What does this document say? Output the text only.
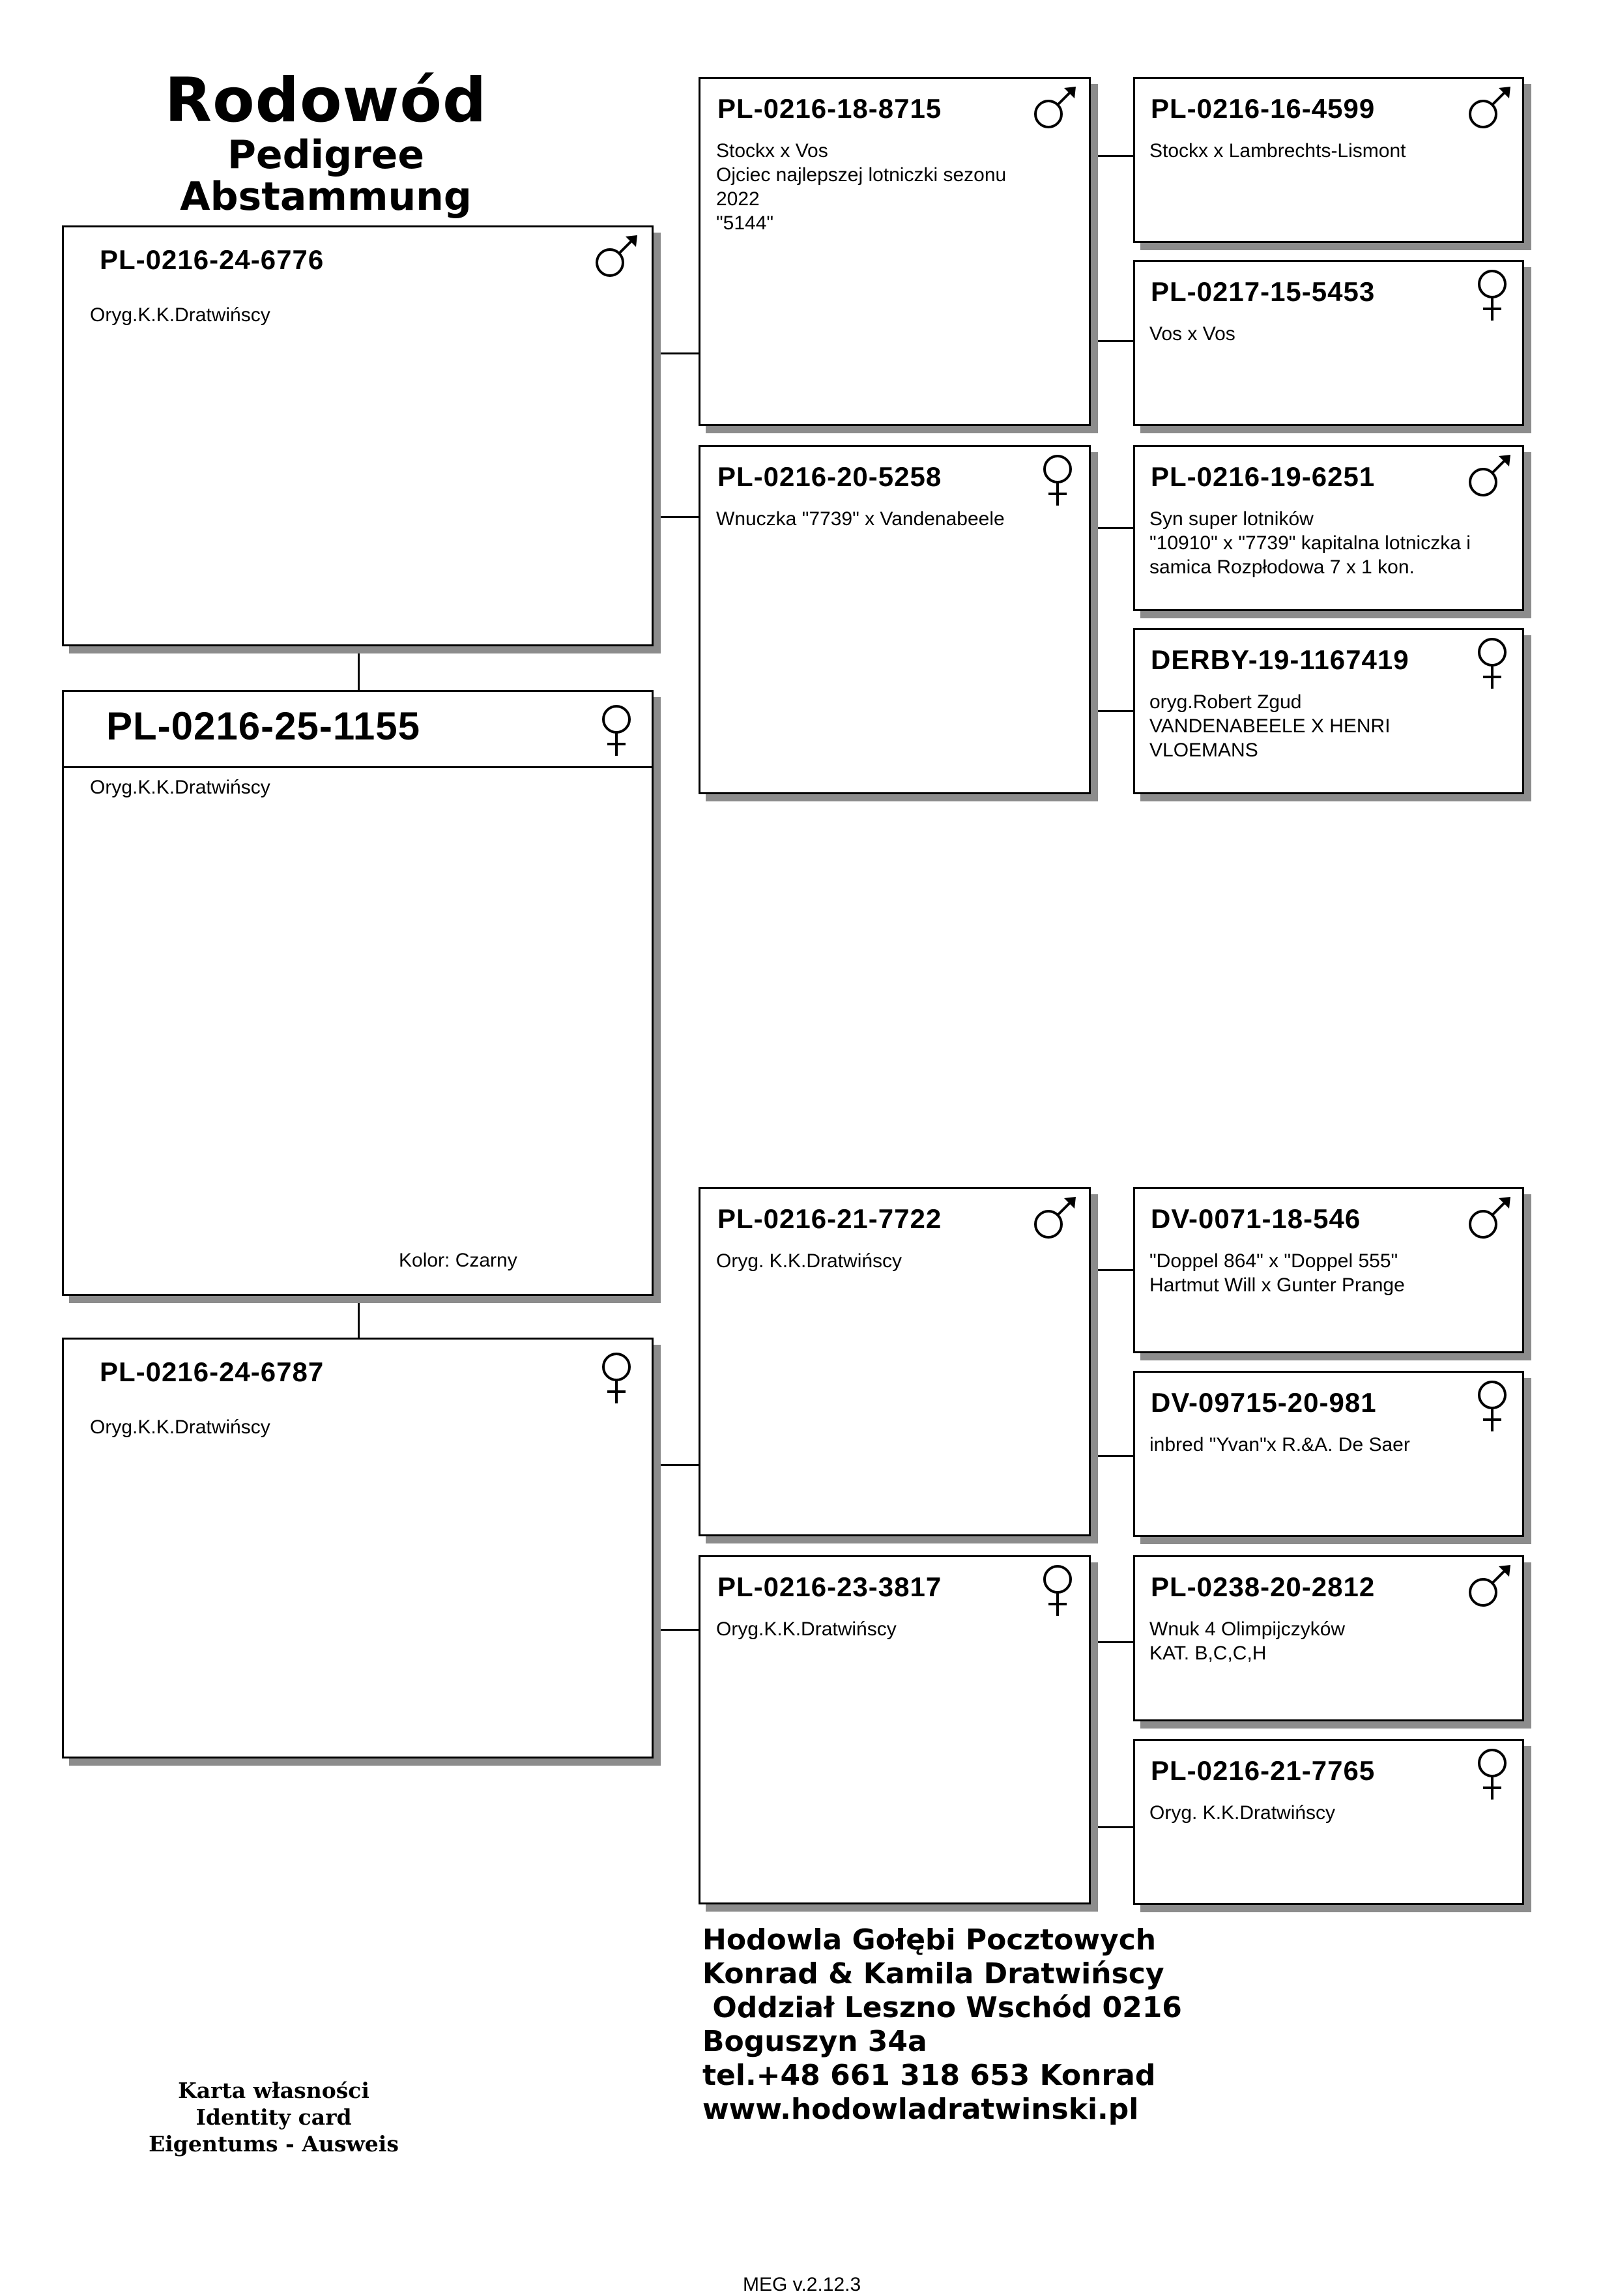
Rodowód
Pedigree
Abstammung
PL-0216-24-6776
Oryg.K.K.Dratwińscy
PL-0216-25-1155
Oryg.K.K.Dratwińscy
Kolor: Czarny
PL-0216-24-6787
Oryg.K.K.Dratwińscy
PL-0216-18-8715
Stockx x Vos
Ojciec najlepszej lotniczki sezonu
2022
"5144"
PL-0216-20-5258
Wnuczka "7739" x Vandenabeele
PL-0216-21-7722
Oryg. K.K.Dratwińscy
PL-0216-23-3817
Oryg.K.K.Dratwińscy
PL-0216-16-4599
Stockx x Lambrechts-Lismont
PL-0217-15-5453
Vos x Vos
PL-0216-19-6251
Syn super lotników
"10910" x "7739" kapitalna lotniczka i
samica Rozpłodowa 7 x 1 kon.
DERBY-19-1167419
oryg.Robert Zgud
VANDENABEELE X HENRI
VLOEMANS
DV-0071-18-546
"Doppel 864" x "Doppel 555"
Hartmut Will x Gunter Prange
DV-09715-20-981
inbred "Yvan"x R.&A. De Saer
PL-0238-20-2812
Wnuk 4 Olimpijczyków
KAT. B,C,C,H
PL-0216-21-7765
Oryg. K.K.Dratwińscy
Hodowla Gołębi Pocztowych
Konrad & Kamila Dratwińscy
Oddział Leszno Wschód 0216
Boguszyn 34a
tel.+48 661 318 653 Konrad
www.hodowladratwinski.pl
Karta własności
Identity card
Eigentums - Ausweis
MEG v.2.12.3
